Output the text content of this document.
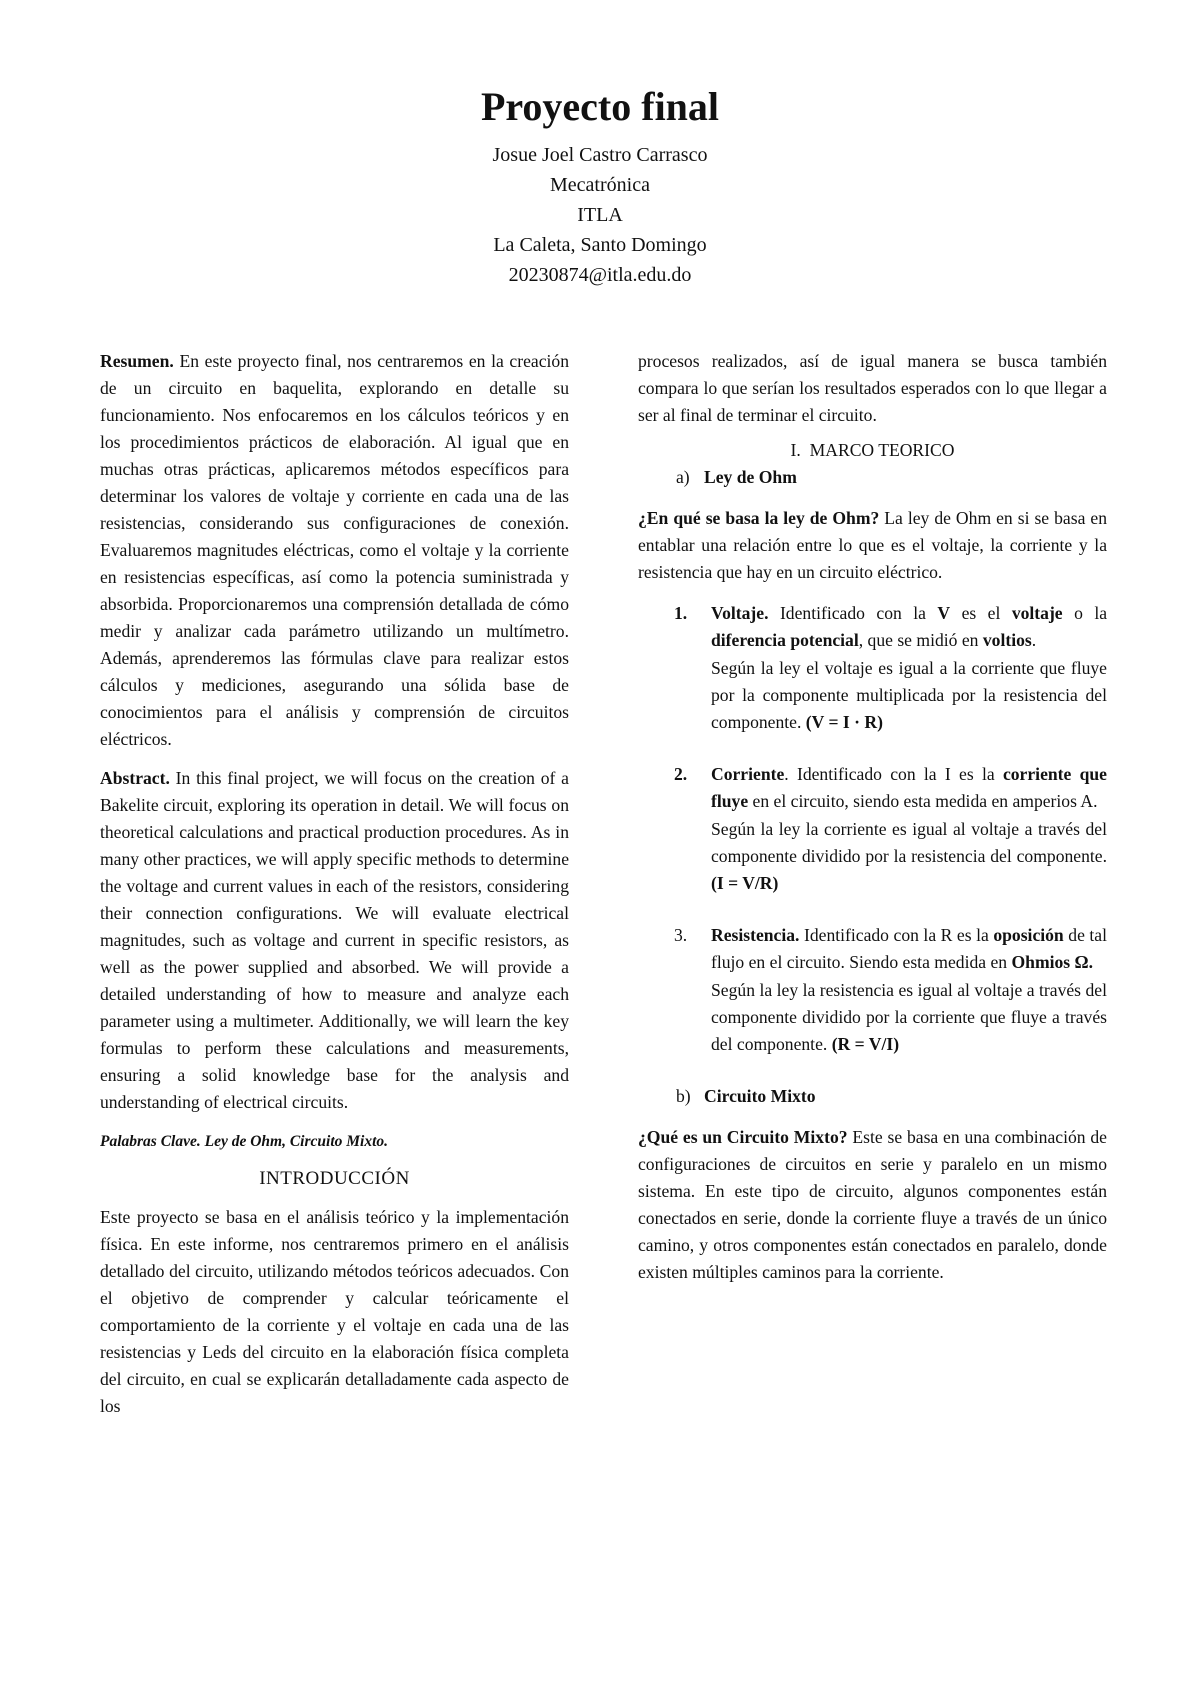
Proyecto final

Josue Joel Castro Carrasco

Mecatrónica

ITLA

La Caleta, Santo Domingo

20230874@itla.edu.do

Resumen. En este proyecto final, nos centraremos en la creación de un circuito en baquelita, explorando en detalle su funcionamiento. Nos enfocaremos en los cálculos teóricos y en los procedimientos prácticos de elaboración. Al igual que en muchas otras prácticas, aplicaremos métodos específicos para determinar los valores de voltaje y corriente en cada una de las resistencias, considerando sus configuraciones de conexión. Evaluaremos magnitudes eléctricas, como el voltaje y la corriente en resistencias específicas, así como la potencia suministrada y absorbida. Proporcionaremos una comprensión detallada de cómo medir y analizar cada parámetro utilizando un multímetro. Además, aprenderemos las fórmulas clave para realizar estos cálculos y mediciones, asegurando una sólida base de conocimientos para el análisis y comprensión de circuitos eléctricos.

Abstract. In this final project, we will focus on the creation of a Bakelite circuit, exploring its operation in detail. We will focus on theoretical calculations and practical production procedures. As in many other practices, we will apply specific methods to determine the voltage and current values in each of the resistors, considering their connection configurations. We will evaluate electrical magnitudes, such as voltage and current in specific resistors, as well as the power supplied and absorbed. We will provide a detailed understanding of how to measure and analyze each parameter using a multimeter. Additionally, we will learn the key formulas to perform these calculations and measurements, ensuring a solid knowledge base for the analysis and understanding of electrical circuits.

Palabras Clave. Ley de Ohm, Circuito Mixto.

INTRODUCCIÓN

Este proyecto se basa en el análisis teórico y la implementación física. En este informe, nos centraremos primero en el análisis detallado del circuito, utilizando métodos teóricos adecuados. Con el objetivo de comprender y calcular teóricamente el comportamiento de la corriente y el voltaje en cada una de las resistencias y Leds del circuito en la elaboración física completa del circuito, en cual se explicarán detalladamente cada aspecto de los

procesos realizados, así de igual manera se busca también compara lo que serían los resultados esperados con lo que llegar a ser al final de terminar el circuito.

I. MARCO TEORICO

a) Ley de Ohm

¿En qué se basa la ley de Ohm? La ley de Ohm en si se basa en entablar una relación entre lo que es el voltaje, la corriente y la resistencia que hay en un circuito eléctrico.

1.	Voltaje. Identificado con la V es el voltaje o la diferencia potencial, que se midió en voltios.

Según la ley el voltaje es igual a la corriente que fluye por la componente multiplicada por la resistencia del componente. (V = I · R)

2.	Corriente. Identificado con la I es la corriente que fluye en el circuito, siendo esta medida en amperios A.

Según la ley la corriente es igual al voltaje a través del componente dividido por la resistencia del componente. (I = V/R)

3.	Resistencia. Identificado con la R es la oposición de tal flujo en el circuito. Siendo esta medida en Ohmios Ω.

Según la ley la resistencia es igual al voltaje a través del componente dividido por la corriente que fluye a través del componente. (R = V/I)

b) Circuito Mixto

¿Qué es un Circuito Mixto? Este se basa en una combinación de configuraciones de circuitos en serie y paralelo en un mismo sistema. En este tipo de circuito, algunos componentes están conectados en serie, donde la corriente fluye a través de un único camino, y otros componentes están conectados en paralelo, donde existen múltiples caminos para la corriente.
